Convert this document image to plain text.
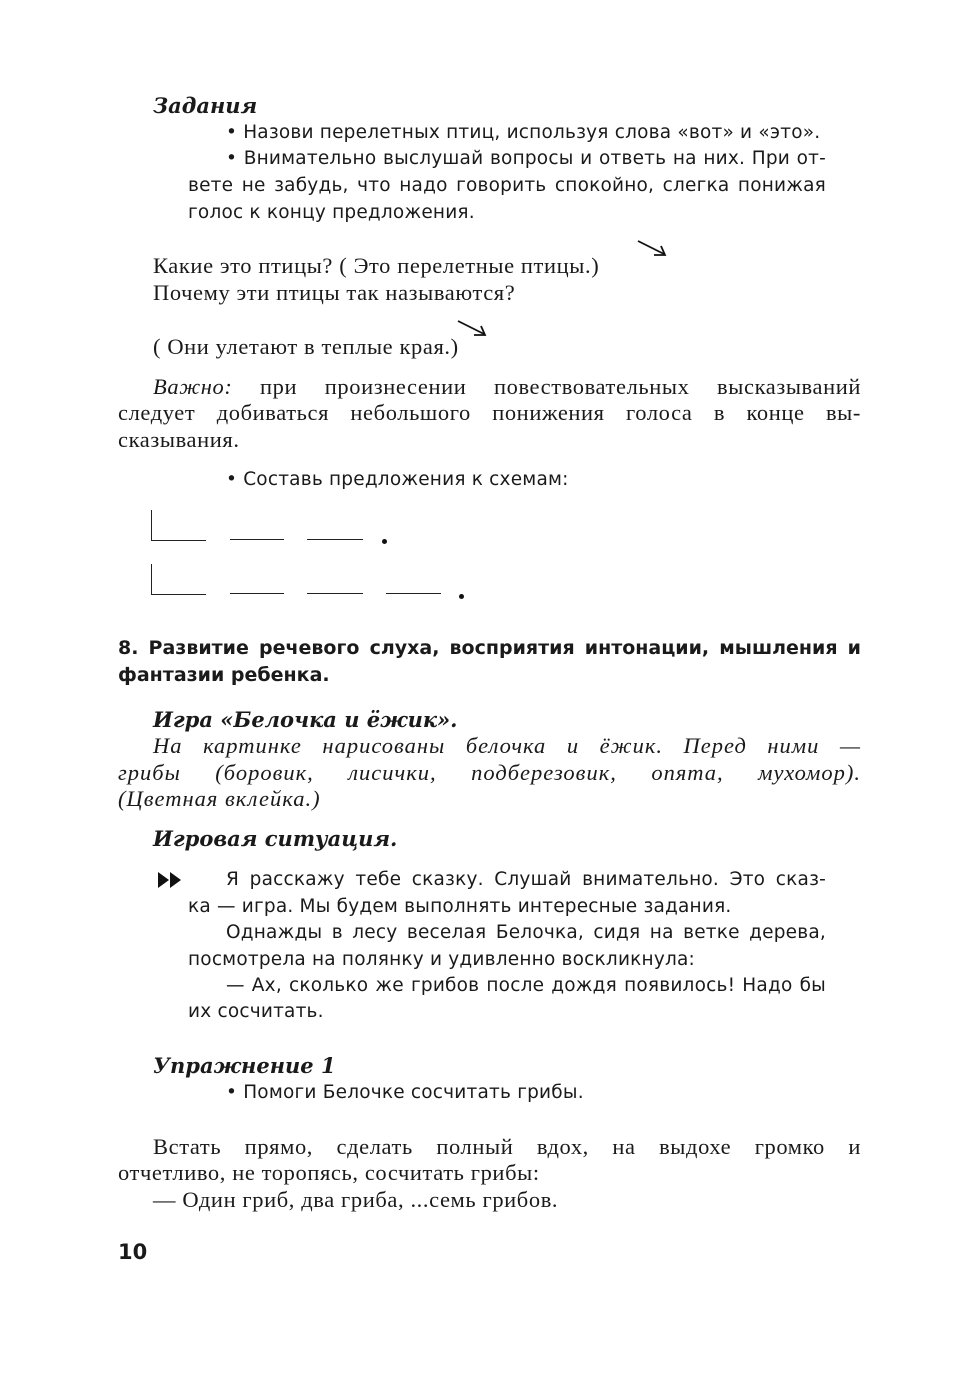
Задания
• Назови перелетных птиц, используя слова «вот» и «это».
• Внимательно выслушай вопросы и ответь на них. При от-
вете не забудь, что надо говорить спокойно, слегка понижая
голос к концу предложения.
Какие это птицы? ( Это перелетные птицы.)
Почему эти птицы так называются?
( Они улетают в теплые края.)
Важно: при произнесении повествовательных высказываний
следует добиваться небольшого понижения голоса в конце вы-
сказывания.
• Составь предложения к схемам:
8. Развитие речевого слуха, восприятия интонации, мышления и
фантазии ребенка.
Игра «Белочка и ёжик».
На картинке нарисованы белочка и ёжик. Перед ними —
грибы (боровик, лисички, подберезовик, опята, мухомор).
(Цветная вклейка.)
Игровая ситуация.
Я расскажу тебе сказку. Слушай внимательно. Это сказ-
ка — игра. Мы будем выполнять интересные задания.
Однажды в лесу веселая Белочка, сидя на ветке дерева,
посмотрела на полянку и удивленно воскликнула:
— Ах, сколько же грибов после дождя появилось! Надо бы
их сосчитать.
Упражнение 1
• Помоги Белочке сосчитать грибы.
Встать прямо, сделать полный вдох, на выдохе громко и
отчетливо, не торопясь, сосчитать грибы:
— Один гриб, два гриба, ...семь грибов.
10
